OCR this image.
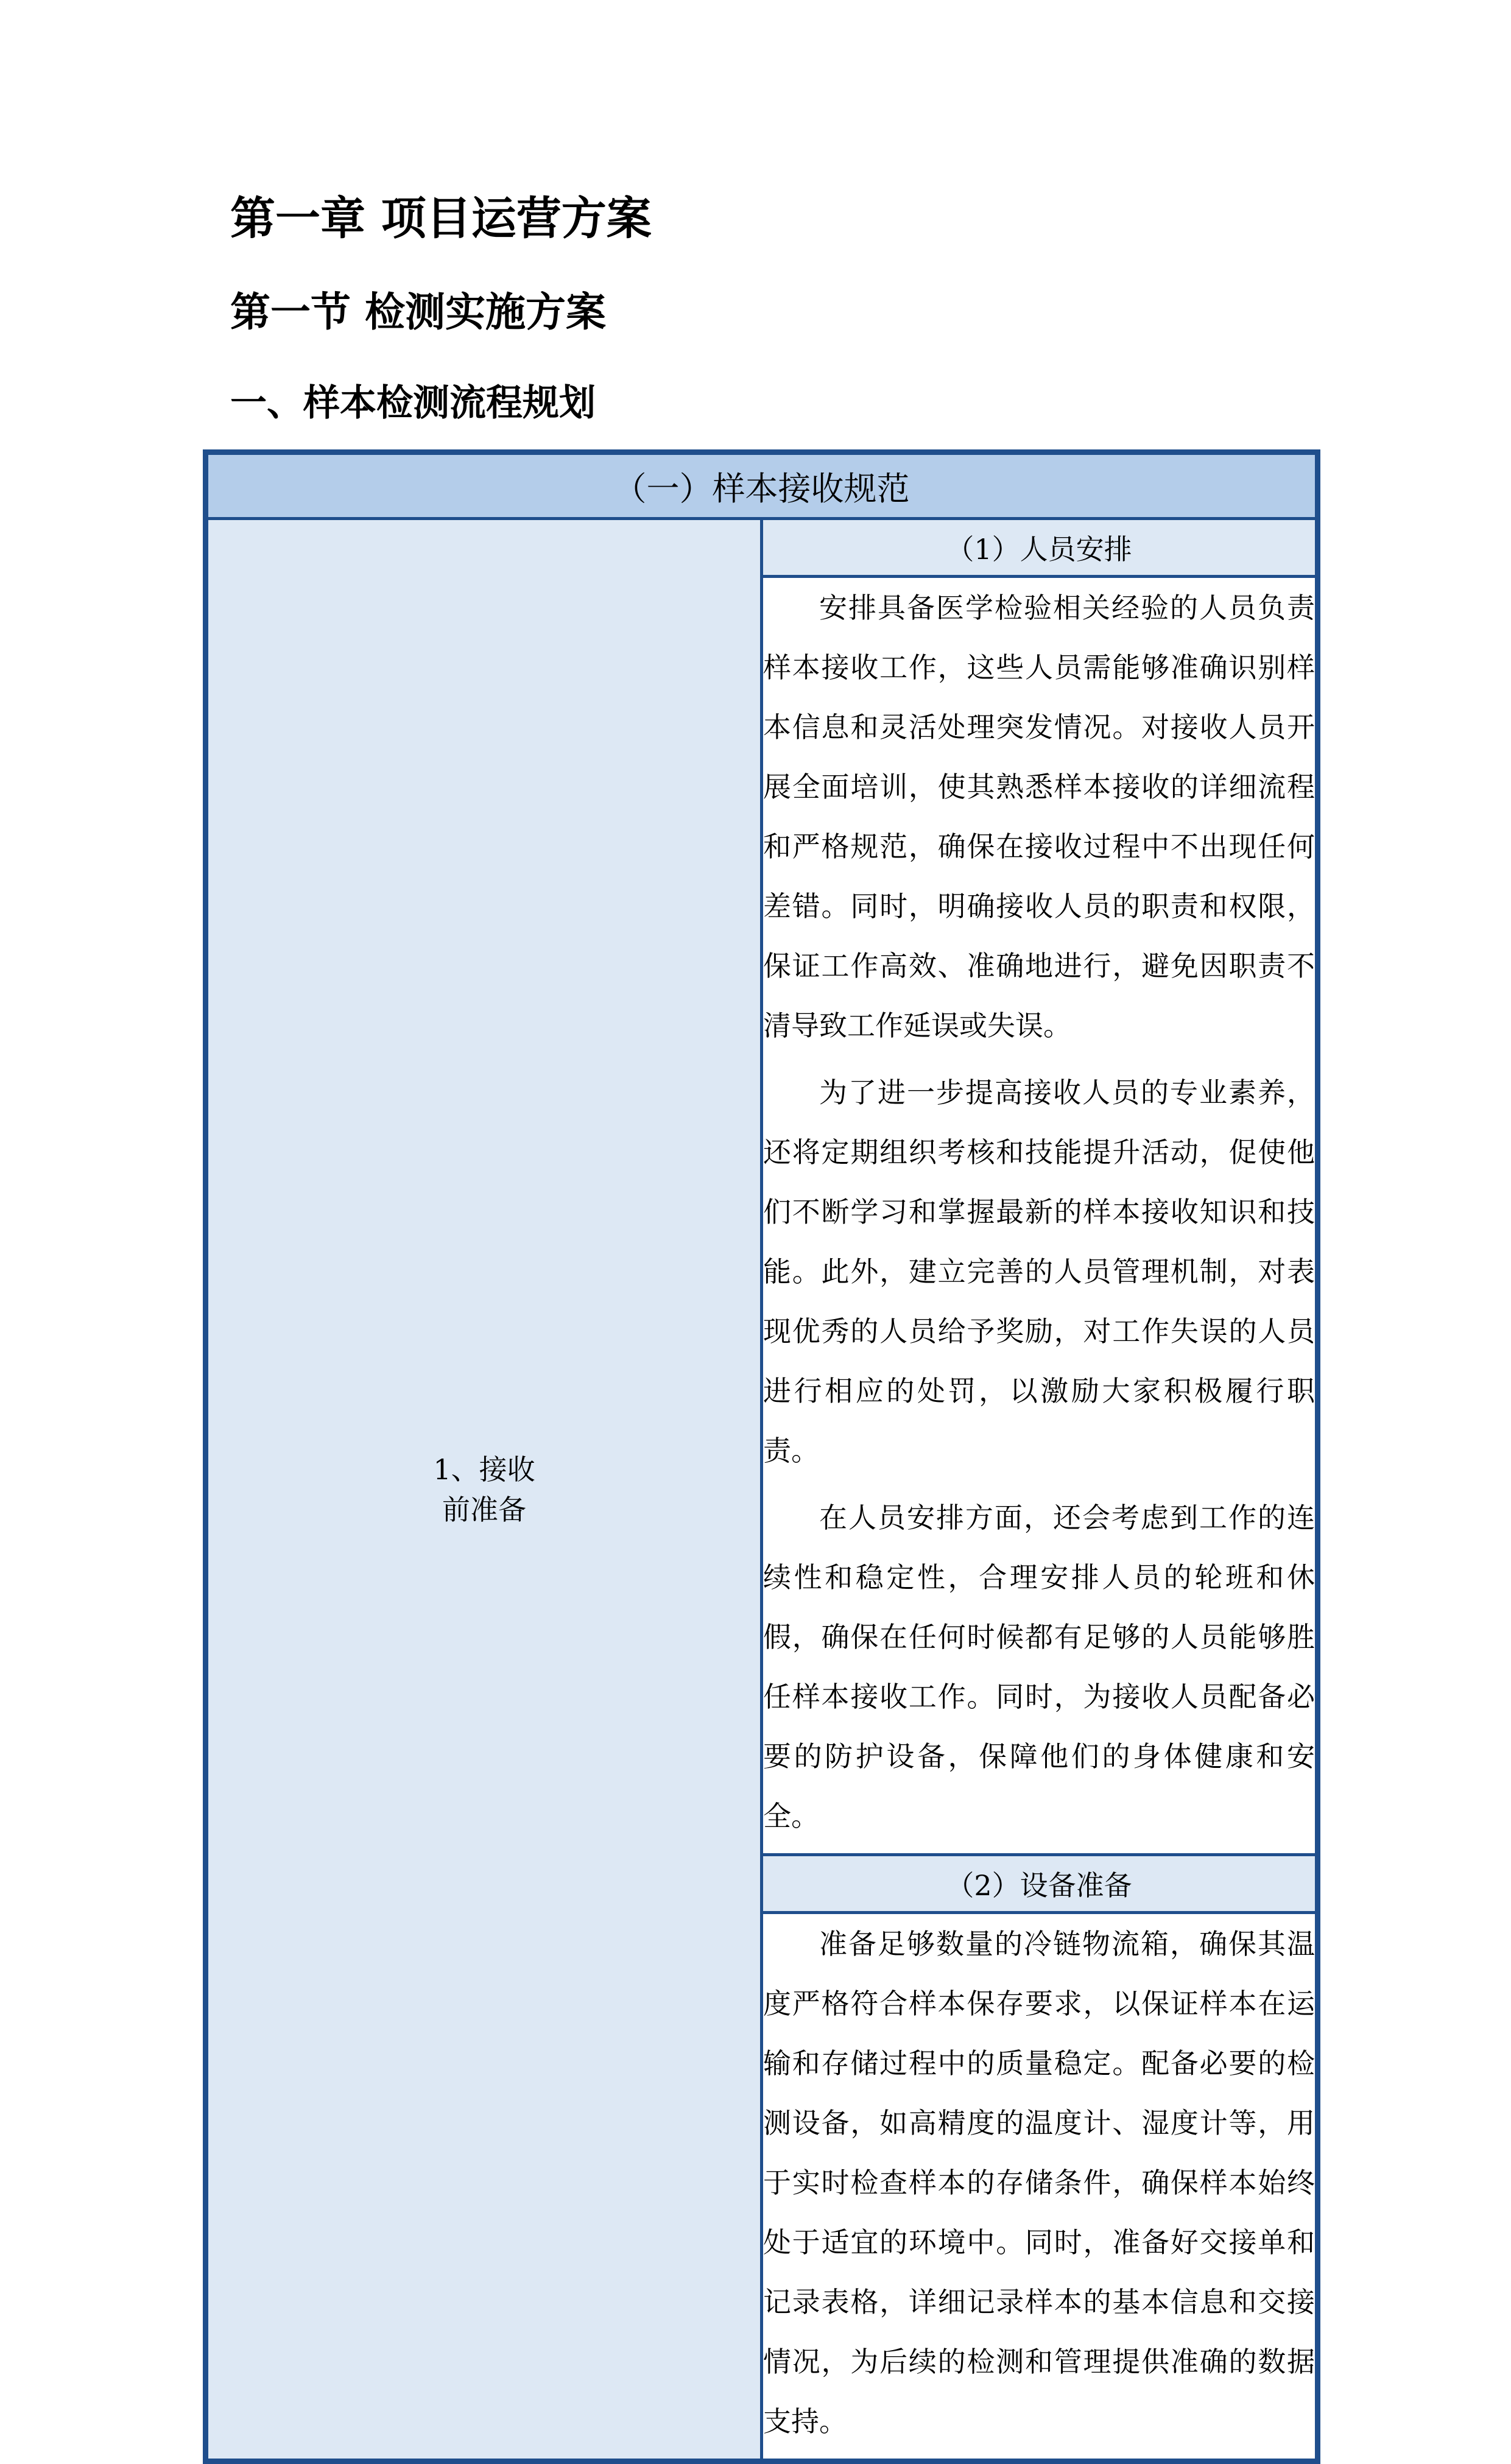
第一章 项目运营方案
第一节 检测实施方案
一、样本检测流程规划
（一）样本接收规范
1、接收前准备	（1）人员安排

安排具备医学检验相关经验的人员负责样本接收工作，这些人员需能够准确识别样本信息和灵活处理突发情况。对接收人员开展全面培训，使其熟悉样本接收的详细流程和严格规范，确保在接收过程中不出现任何差错。同时，明确接收人员的职责和权限，保证工作高效、准确地进行，避免因职责不清导致工作延误或失误。

为了进一步提高接收人员的专业素养，还将定期组织考核和技能提升活动，促使他们不断学习和掌握最新的样本接收知识和技能。此外，建立完善的人员管理机制，对表现优秀的人员给予奖励，对工作失误的人员进行相应的处罚，以激励大家积极履行职责。

在人员安排方面，还会考虑到工作的连续性和稳定性，合理安排人员的轮班和休假，确保在任何时候都有足够的人员能够胜任样本接收工作。同时，为接收人员配备必要的防护设备，保障他们的身体健康和安全。

（2）设备准备

准备足够数量的冷链物流箱，确保其温度严格符合样本保存要求，以保证样本在运输和存储过程中的质量稳定。配备必要的检测设备，如高精度的温度计、湿度计等，用于实时检查样本的存储条件，确保样本始终处于适宜的环境中。同时，准备好交接单和记录表格，详细记录样本的基本信息和交接情况，为后续的检测和管理提供准确的数据支持。
